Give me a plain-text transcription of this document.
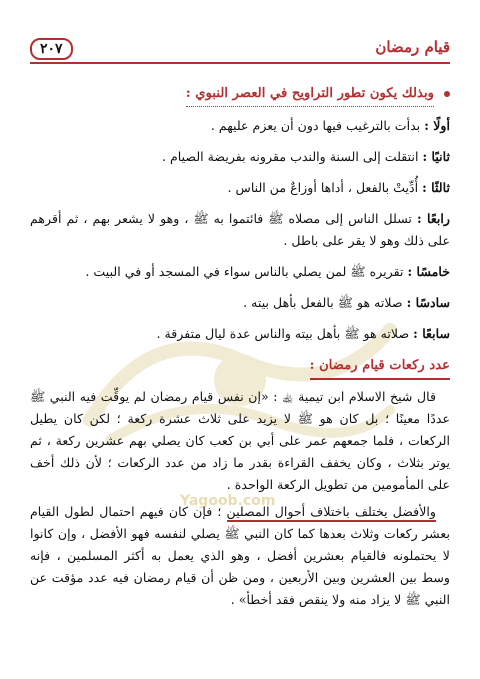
Yagoob.com
٢٠٧	قيام رمضان
وبذلك يكون تطور التراويح في العصر النبوي :
أولًا : بدأت بالترغيب فيها دون أن يعزم عليهم .
ثانيًا : انتقلت إلى السنة والندب مقرونه بفريضة الصيام .
ثالثًا : أُدِّيتْ بالفعل ، أداها أوزاعٌ من الناس .
رابعًا : تسلل الناس إلى مصلاه ﷺ فائتموا به ﷺ ، وهو لا يشعر بهم ، ثم أقرهم على ذلك وهو لا يقر على باطل .
خامسًا : تقريره ﷺ لمن يصلي بالناس سواء في المسجد أو في البيت .
سادسًا : صلاته هو ﷺ بالفعل بأهل بيته .
سابعًا : صلاته هو ﷺ بأهل بيته والناس عدة ليال متفرقة .
عدد ركعات قيام رمضان :
قال شيخ الاسلام ابن تيمية ﵀ : «إن نفس قيام رمضان لم يوقِّت فيه النبي ﷺ عددًا معينًا ؛ بل كان هو ﷺ لا يزيد على ثلاث عشرة ركعة ؛ لكن كان يطيل الركعات ، فلما جمعهم عمر على أبي بن كعب كان يصلي بهم عشرين ركعة ، ثم يوتر بثلاث ، وكان يخفف القراءة بقدر ما زاد من عدد الركعات ؛ لأن ذلك أخف على المأمومين من تطويل الركعة الواحدة .
والأفضل يختلف باختلاف أحوال المصلين ؛ فإن كان فيهم احتمال لطول القيام بعشر ركعات وثلاث بعدها كما كان النبي ﷺ يصلي لنفسه فهو الأفضل ، وإن كانوا لا يحتملونه فالقيام بعشرين أفضل ، وهو الذي يعمل به أكثر المسلمين ، فإنه وسط بين العشرين وبين الأربعين ، ومن ظن أن قيام رمضان فيه عدد مؤقت عن النبي ﷺ لا يزاد منه ولا ينقص فقد أخطأ» .
